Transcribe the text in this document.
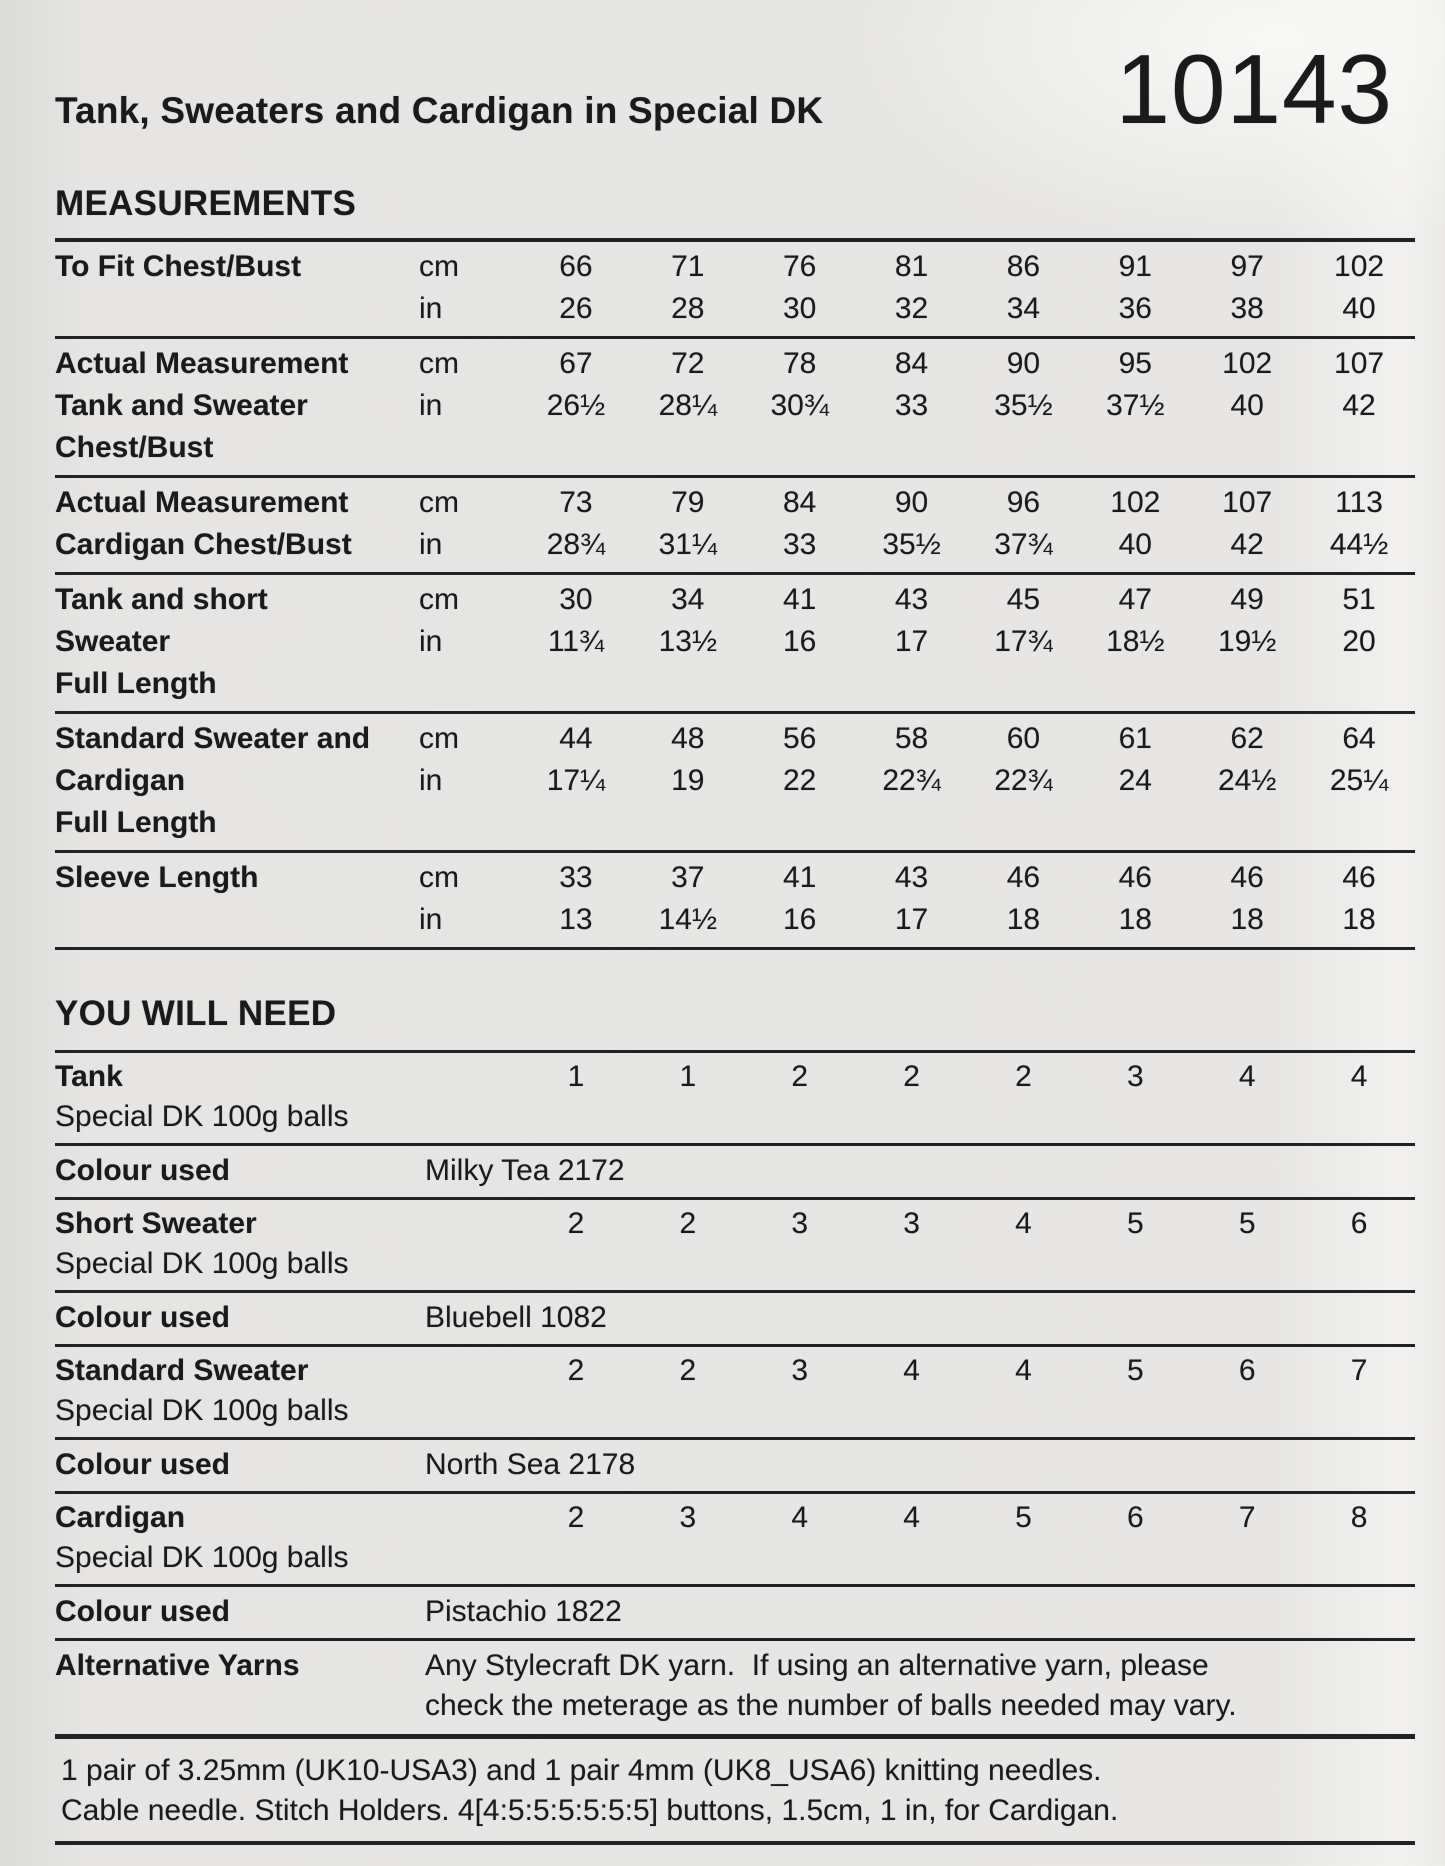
Tank, Sweaters and Cardigan in Special DK	10143
MEASUREMENTS
To Fit Chest/Bust	cm	66	71	76	81	86	91	97	102
in	26	28	30	32	34	36	38	40
Actual Measurement
Tank and Sweater
Chest/Bust
cm	67	72	78	84	90	95	102	107
in	26½	28¼	30¾	33	35½	37½	40	42
Actual Measurement
Cardigan Chest/Bust
cm	73	79	84	90	96	102	107	113
in	28¾	31¼	33	35½	37¾	40	42	44½
Tank and short
Sweater
Full Length
cm	30	34	41	43	45	47	49	51
in	11¾	13½	16	17	17¾	18½	19½	20
Standard Sweater and
Cardigan
Full Length
cm	44	48	56	58	60	61	62	64
in	17¼	19	22	22¾	22¾	24	24½	25¼
Sleeve Length	cm	33	37	41	43	46	46	46	46
in	13	14½	16	17	18	18	18	18
YOU WILL NEED
Tank
Special DK 100g balls
1	1	2	2	2	3	4	4
Colour used	Milky Tea 2172
Short Sweater
Special DK 100g balls
2	2	3	3	4	5	5	6
Colour used	Bluebell 1082
Standard Sweater
Special DK 100g balls
2	2	3	4	4	5	6	7
Colour used	North Sea 2178
Cardigan
Special DK 100g balls
2	3	4	4	5	6	7	8
Colour used	Pistachio 1822
Alternative Yarns	Any Stylecraft DK yarn.  If using an alternative yarn, please
check the meterage as the number of balls needed may vary.
1 pair of 3.25mm (UK10-USA3) and 1 pair 4mm (UK8_USA6) knitting needles.
Cable needle. Stitch Holders. 4[4:5:5:5:5:5:5] buttons, 1.5cm, 1 in, for Cardigan.
